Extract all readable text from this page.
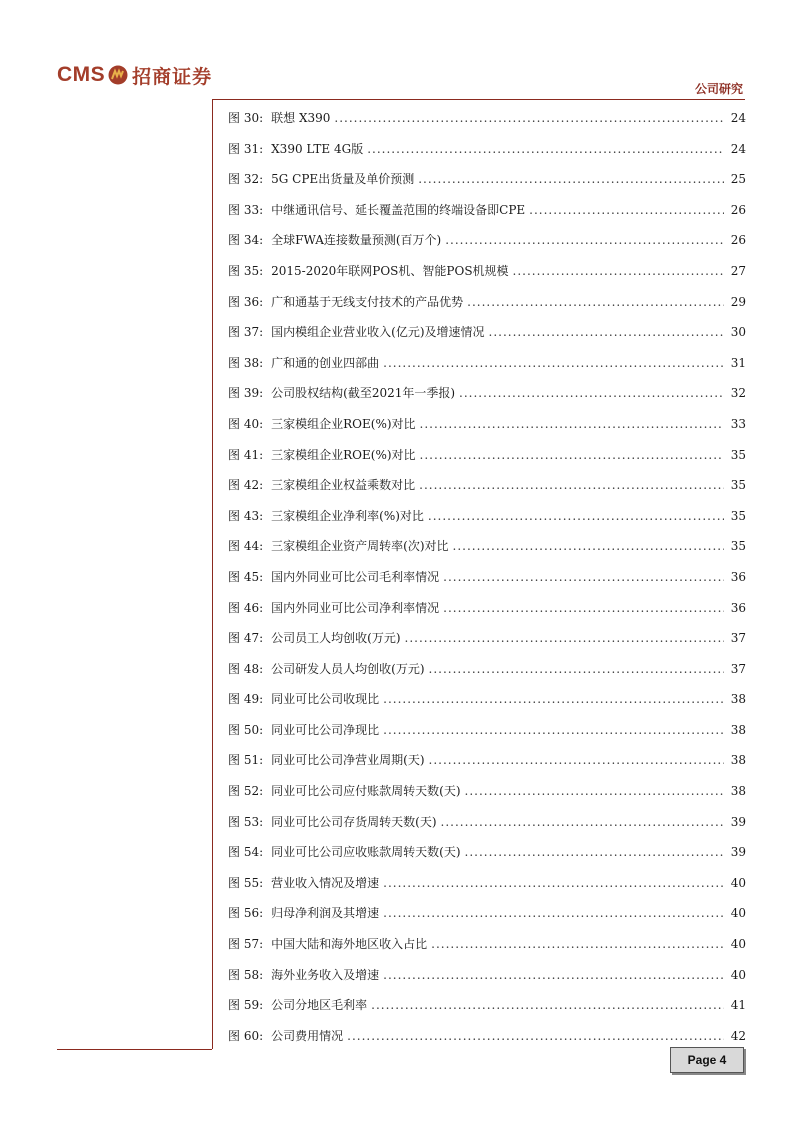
CMS 招商证券
公司研究
图 30: 联想 X390 .....	24
图 31: X390 LTE 4G版 .....	24
图 32: 5G CPE出货量及单价预测 .....	25
图 33: 中继通讯信号、延长覆盖范围的终端设备即CPE .....	26
图 34: 全球FWA连接数量预测(百万个) .....	26
图 35: 2015-2020年联网POS机、智能POS机规模 .....	27
图 36: 广和通基于无线支付技术的产品优势 .....	29
图 37: 国内模组企业营业收入(亿元)及增速情况 .....	30
图 38: 广和通的创业四部曲 .....	31
图 39: 公司股权结构(截至2021年一季报) .....	32
图 40: 三家模组企业ROE(%)对比 .....	33
图 41: 三家模组企业ROE(%)对比 .....	35
图 42: 三家模组企业权益乘数对比 .....	35
图 43: 三家模组企业净利率(%)对比 .....	35
图 44: 三家模组企业资产周转率(次)对比 .....	35
图 45: 国内外同业可比公司毛利率情况 .....	36
图 46: 国内外同业可比公司净利率情况 .....	36
图 47: 公司员工人均创收(万元) .....	37
图 48: 公司研发人员人均创收(万元) .....	37
图 49: 同业可比公司收现比 .....	38
图 50: 同业可比公司净现比 .....	38
图 51: 同业可比公司净营业周期(天) .....	38
图 52: 同业可比公司应付账款周转天数(天) .....	38
图 53: 同业可比公司存货周转天数(天) .....	39
图 54: 同业可比公司应收账款周转天数(天) .....	39
图 55: 营业收入情况及增速 .....	40
图 56: 归母净利润及其增速 .....	40
图 57: 中国大陆和海外地区收入占比 .....	40
图 58: 海外业务收入及增速 .....	40
图 59: 公司分地区毛利率 .....	41
图 60: 公司费用情况 .....	42
Page 4
